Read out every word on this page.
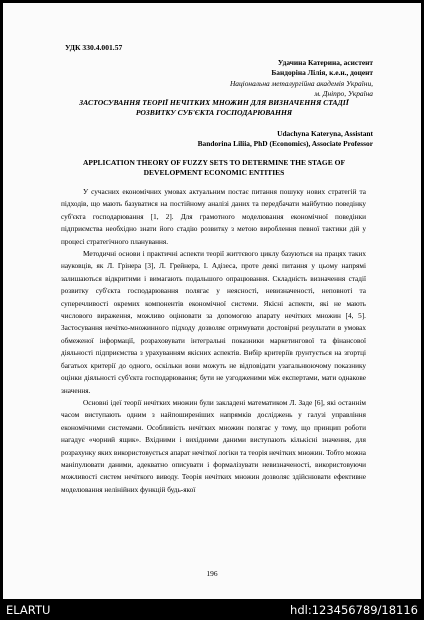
УДК 330.4.001.57
Удачина Катерина, асистент
Бандоріна Лілія, к.е.н., доцент
Національна металургійна академія України,
м. Дніпро, Україна
ЗАСТОСУВАННЯ ТЕОРІЇ НЕЧІТКИХ МНОЖИН ДЛЯ ВИЗНАЧЕННЯ СТАДІЇ
РОЗВИТКУ СУБ'ЄКТА ГОСПОДАРЮВАННЯ
Udachyna Kateryna, Assistant
Bandorina Liliia, PhD (Economics), Associate Professor
APPLICATION THEORY OF FUZZY SETS TO DETERMINE THE STAGE OF
DEVELOPMENT ECONOMIC ENTITIES

У сучасних економічних умовах актуальним постає питання пошуку нових стратегій та підходів, що мають базуватися на постійному аналізі даних та передбачати майбутню поведінку суб'єкта господарювання [1, 2]. Для грамотного моделювання економічної поведінки підприємства необхідно знати його стадію розвитку з метою вироблення певної тактики дій у процесі стратегічного планування.

Методичні основи і практичні аспекти теорії життєвого циклу базуються на працях таких науковців, як Л. Грінера [3], Л. Грейнера, І. Адізеса, проте деякі питання у цьому напрямі залишаються відкритими і вимагають подальшого опрацювання. Складність визначення стадії розвитку суб'єкта господарювання полягає у неясності, невизначеності, неповноті та суперечливості окремих компонентів економічної системи. Якісні аспекти, які не мають числового вираження, можливо оцінювати за допомогою апарату нечітких множин [4, 5]. Застосування нечітко-множинного підходу дозволяє отримувати достовірні результати в умовах обмеженої інформації, розраховувати інтегральні показники маркетингової та фінансової діяльності підприємства з урахуванням якісних аспектів. Вибір критеріїв ґрунтується на згортці багатьох критерії до одного, оскільки вони можуть не відповідати узагальнюючому показнику оцінки діяльності суб'єкта господарювання; бути не узгодженими між експертами, мати однакове значення.

Основні ідеї теорії нечітких множин були закладені математиком Л. Заде [6], які останнім часом виступають одним з найпоширеніших напрямків досліджень у галузі управління економічними системами. Особливість нечітких множин полягає у тому, що принцип роботи нагадує «чорний ящик». Вхідними і вихідними даними виступають кількісні значення, для розрахунку яких використовується апарат нечіткої логіки та теорія нечітких множин. Тобто можна маніпулювати даними, адекватно описувати і формалізувати невизначеності, використовуючи можливості систем нечіткого виводу. Теорія нечітких множин дозволяє здійснювати ефективне моделювання нелінійних функцій будь-якої

196
ELARTU	hdl:123456789/18116
